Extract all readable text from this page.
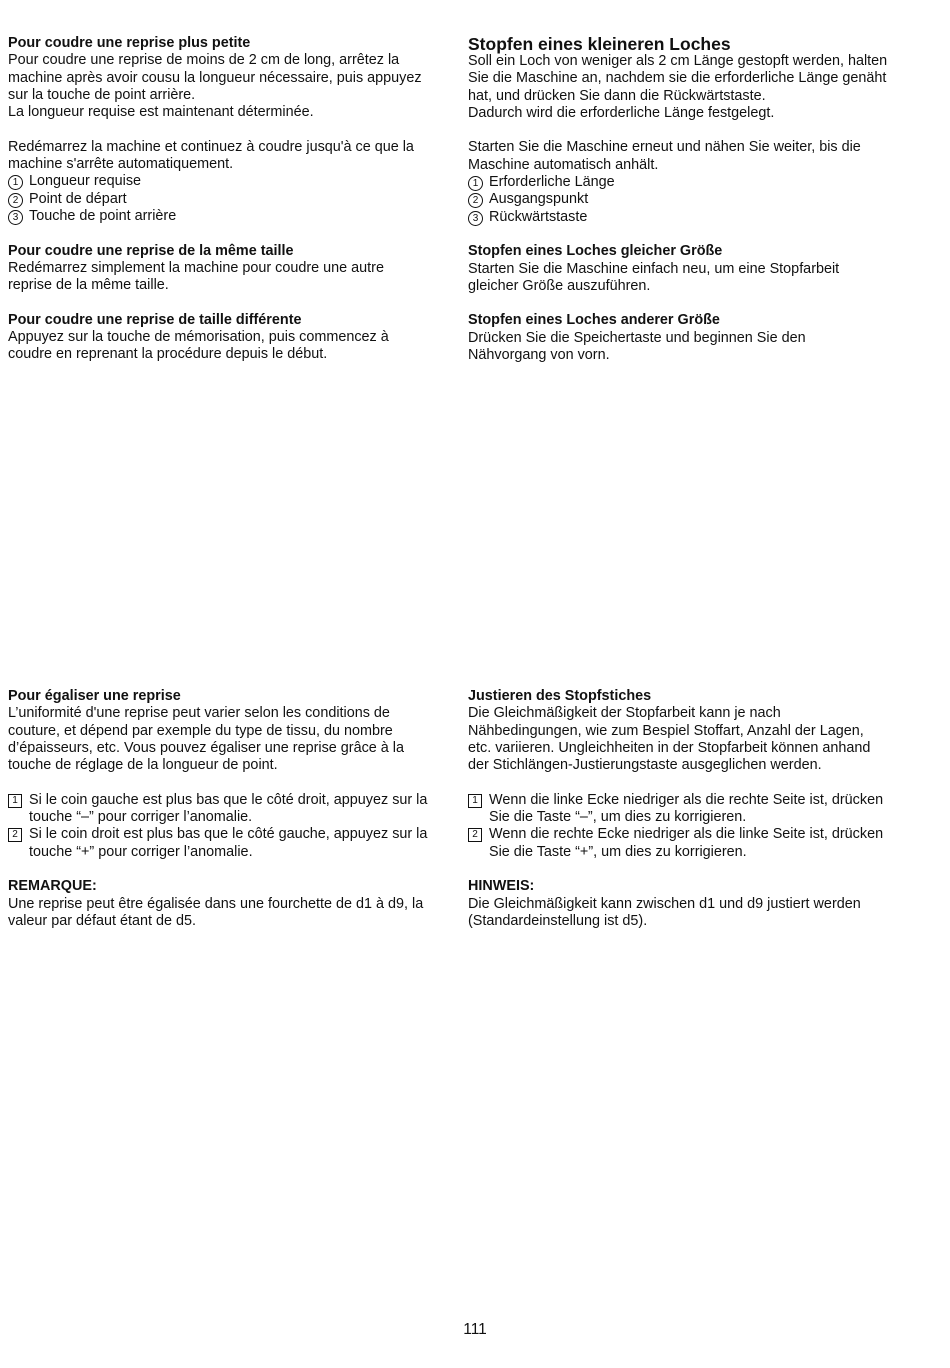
Pour coudre une reprise plus petite

Pour coudre une reprise de moins de 2 cm de long, arrêtez la
machine après avoir cousu la longueur nécessaire, puis appuyez
sur la touche de point arrière.
La longueur requise est maintenant déterminée.

Redémarrez la machine et continuez à coudre jusqu'à ce que la
machine s'arrête automatiquement.

1 Longueur requise
2 Point de départ
3 Touche de point arrière
Pour coudre une reprise de la même taille

Redémarrez simplement la machine pour coudre une autre
reprise de la même taille.

Pour coudre une reprise de taille différente

Appuyez sur la touche de mémorisation, puis commencez à
coudre en reprenant la procédure depuis le début.

Stopfen eines kleineren Loches

Soll ein Loch von weniger als 2 cm Länge gestopft werden, halten
Sie die Maschine an, nachdem sie die erforderliche Länge genäht
hat, und drücken Sie dann die Rückwärtstaste.
Dadurch wird die erforderliche Länge festgelegt.

Starten Sie die Maschine erneut und nähen Sie weiter, bis die
Maschine automatisch anhält.

1 Erforderliche Länge
2 Ausgangspunkt
3 Rückwärtstaste
Stopfen eines Loches gleicher Größe

Starten Sie die Maschine einfach neu, um eine Stopfarbeit
gleicher Größe auszuführen.

Stopfen eines Loches anderer Größe

Drücken Sie die Speichertaste und beginnen Sie den
Nähvorgang von vorn.

Pour égaliser une reprise

L’uniformité d'une reprise peut varier selon les conditions de
couture, et dépend par exemple du type de tissu, du nombre
d’épaisseurs, etc. Vous pouvez égaliser une reprise grâce à la
touche de réglage de la longueur de point.

1 Si le coin gauche est plus bas que le côté droit, appuyez sur la
touche “–” pour corriger l’anomalie.
2 Si le coin droit est plus bas que le côté gauche, appuyez sur la
touche “+” pour corriger l’anomalie.
REMARQUE:

Une reprise peut être égalisée dans une fourchette de d1 à d9, la
valeur par défaut étant de d5.

Justieren des Stopfstiches

Die Gleichmäßigkeit der Stopfarbeit kann je nach
Nähbedingungen, wie zum Bespiel Stoffart, Anzahl der Lagen,
etc. variieren. Ungleichheiten in der Stopfarbeit können anhand
der Stichlängen-Justierungstaste ausgeglichen werden.

1 Wenn die linke Ecke niedriger als die rechte Seite ist, drücken
Sie die Taste “–”, um dies zu korrigieren.
2 Wenn die rechte Ecke niedriger als die linke Seite ist, drücken
Sie die Taste “+”, um dies zu korrigieren.
HINWEIS:

Die Gleichmäßigkeit kann zwischen d1 und d9 justiert werden
(Standardeinstellung ist d5).

111
